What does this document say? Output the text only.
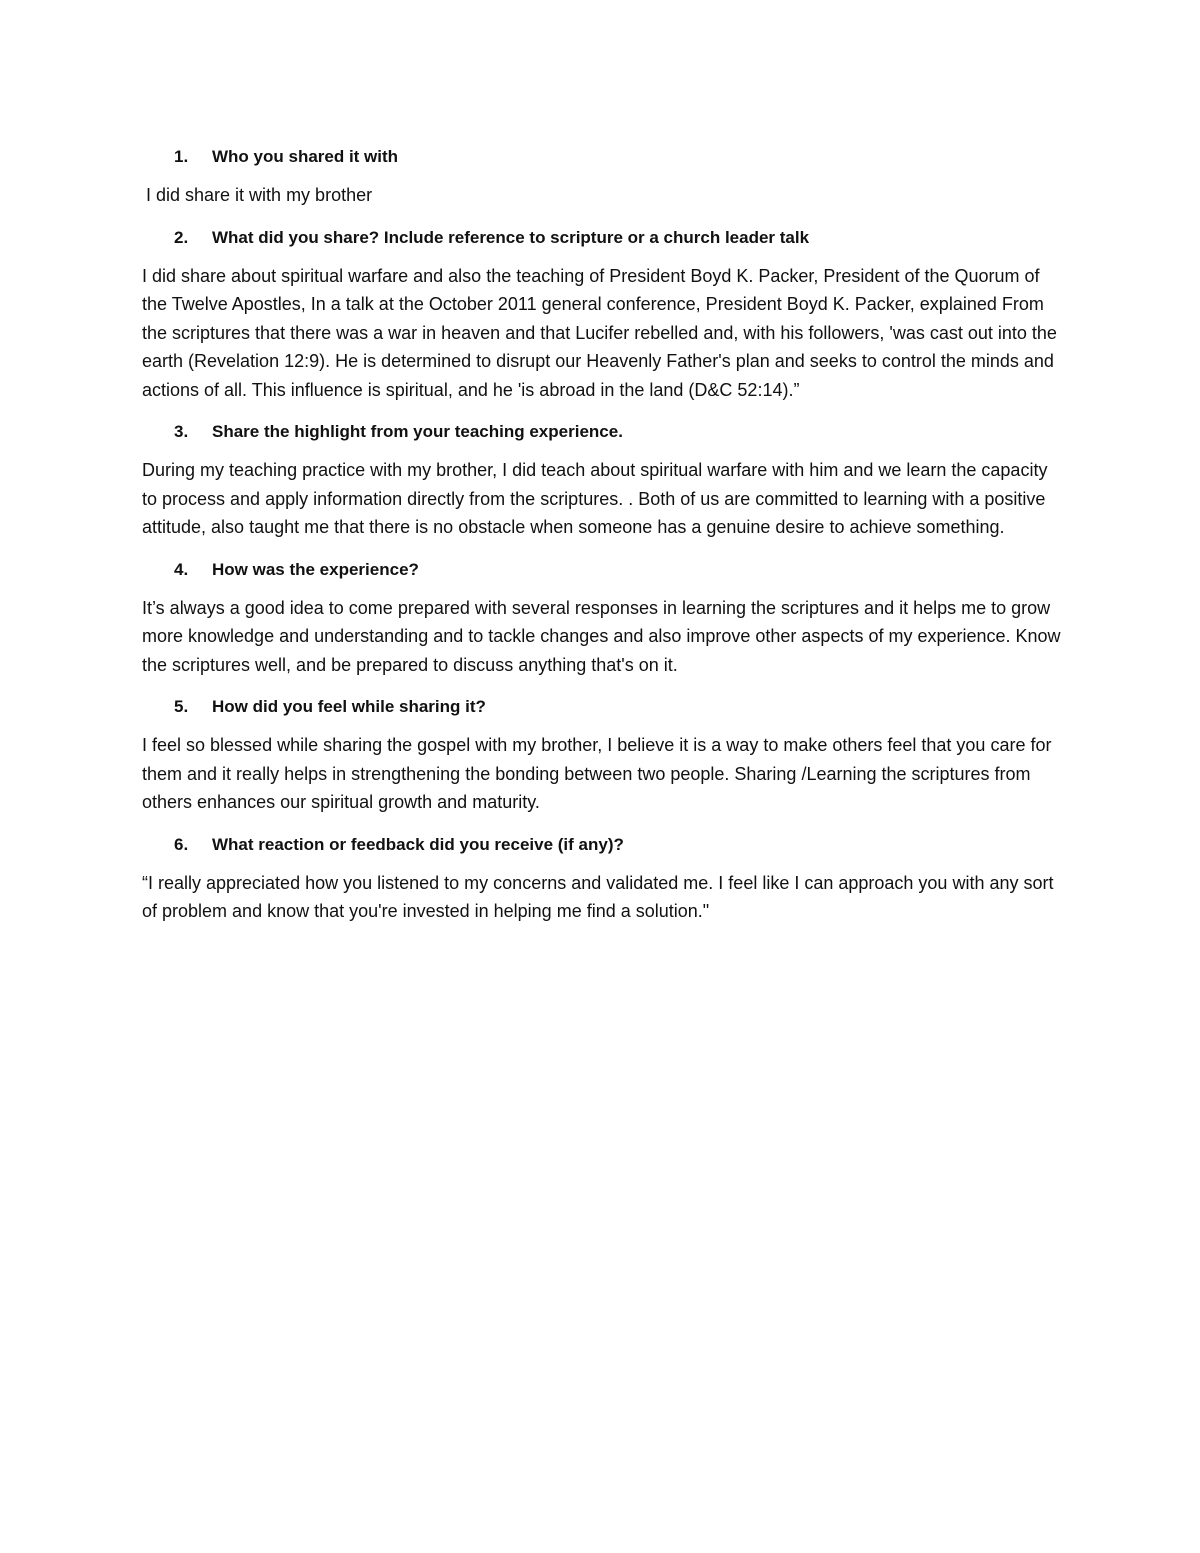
1.	Who you shared it with

I did share it with my brother

2.	What did you share? Include reference to scripture or a church leader talk

I did share about spiritual warfare and also the teaching of President Boyd K. Packer, President of the Quorum of the Twelve Apostles, In a talk at the October 2011 general conference, President Boyd K. Packer, explained From the scriptures that there was a war in heaven and that Lucifer rebelled and, with his followers, 'was cast out into the earth (Revelation 12:9). He is determined to disrupt our Heavenly Father's plan and seeks to control the minds and actions of all. This influence is spiritual, and he 'is abroad in the land (D&C 52:14).”

3.	Share the highlight from your teaching experience.

During my teaching practice with my brother, I did teach about spiritual warfare with him and we learn the capacity to process and apply information directly from the scriptures. . Both of us are committed to learning with a positive attitude, also taught me that there is no obstacle when someone has a genuine desire to achieve something.

4.	How was the experience?

It’s always a good idea to come prepared with several responses in learning the scriptures and it helps me to grow more knowledge and understanding and to tackle changes and also improve other aspects of my experience. Know the scriptures well, and be prepared to discuss anything that's on it.

5.	How did you feel while sharing it?

I feel so blessed while sharing the gospel with my brother, I believe it is a way to make others feel that you care for them and it really helps in strengthening the bonding between two people. Sharing /Learning the scriptures from others enhances our spiritual growth and maturity.

6.	What reaction or feedback did you receive (if any)?

“I really appreciated how you listened to my concerns and validated me. I feel like I can approach you with any sort of problem and know that you're invested in helping me find a solution."
